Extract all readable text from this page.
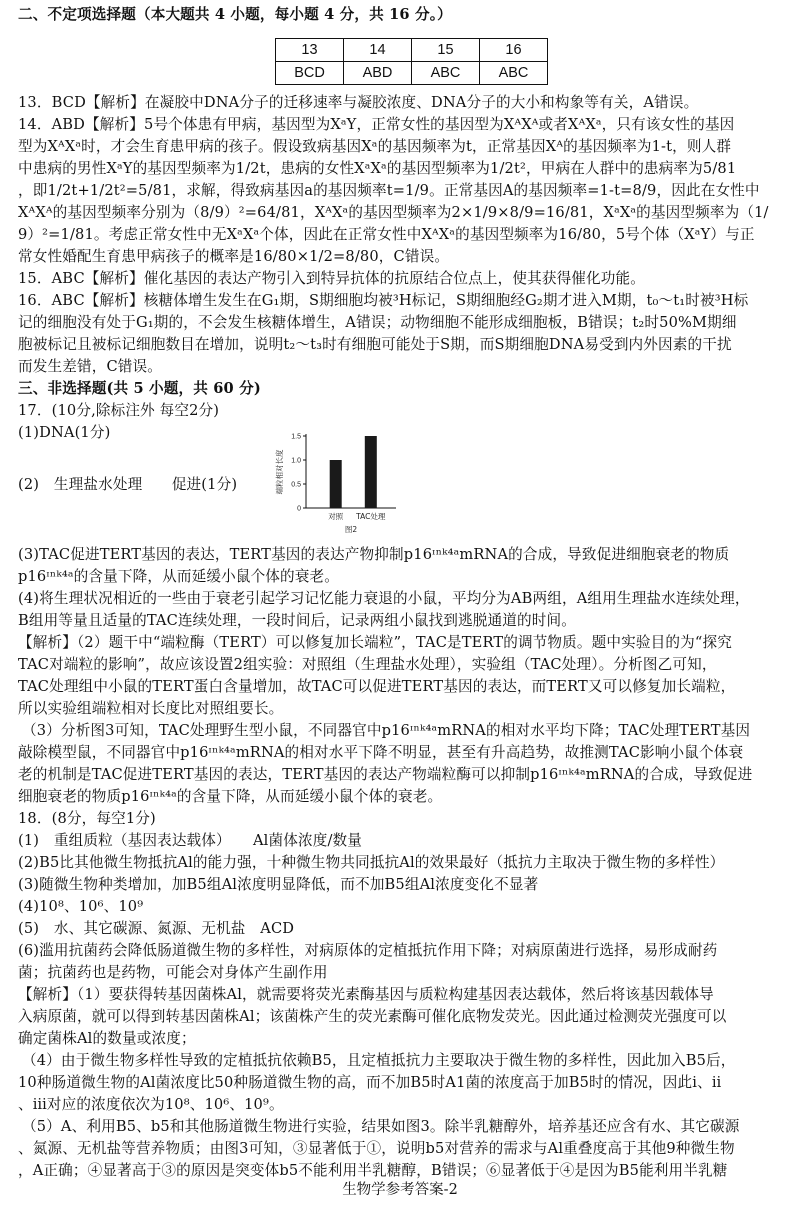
二、不定项选择题（本大题共 4 小题，每小题 4 分，共 16 分。）
13	14	15	16
BCD	ABD	ABC	ABC
13．BCD【解析】在凝胶中DNA分子的迁移速率与凝胶浓度、DNA分子的大小和构象等有关，A错误。
14．ABD【解析】5号个体患有甲病，基因型为XᵃY，正常女性的基因型为XᴬXᴬ或者XᴬXᵃ，只有该女性的基因
型为XᴬXᵃ时，才会生育患甲病的孩子。假设致病基因Xᵃ的基因频率为t，正常基因Xᴬ的基因频率为1-t，则人群
中患病的男性XᵃY的基因型频率为1/2t，患病的女性XᵃXᵃ的基因型频率为1/2t²，甲病在人群中的患病率为5/81
，即1/2t+1/2t²=5/81，求解，得致病基因a的基因频率t=1/9。正常基因A的基因频率=1-t=8/9，因此在女性中
XᴬXᴬ的基因型频率分别为（8/9）²=64/81，XᴬXᵃ的基因型频率为2×1/9×8/9=16/81，XᵃXᵃ的基因型频率为（1/
9）²=1/81。考虑正常女性中无XᵃXᵃ个体，因此在正常女性中XᴬXᵃ的基因型频率为16/80，5号个体（XᵃY）与正
常女性婚配生育患甲病孩子的概率是16/80×1/2=8/80，C错误。
15．ABC【解析】催化基因的表达产物引入到特异抗体的抗原结合位点上，使其获得催化功能。
16．ABC【解析】核糖体增生发生在G₁期，S期细胞均被³H标记，S期细胞经G₂期才进入M期，t₀～t₁时被³H标
记的细胞没有处于G₁期的，不会发生核糖体增生，A错误；动物细胞不能形成细胞板，B错误；t₂时50%M期细
胞被标记且被标记细胞数目在增加，说明t₂～t₃时有细胞可能处于S期，而S期细胞DNA易受到内外因素的干扰
而发生差错，C错误。
三、非选择题(共 5 小题，共 60 分)
17．(10分,除标注外 每空2分)
(1)DNA(1分)
(2)　生理盐水处理　　促进(1分)
0
0.5
1.0
1.5
对照 TAC处理
端粒相对长度
图2
(3)TAC促进TERT基因的表达，TERT基因的表达产物抑制p16ᶦⁿᵏ⁴ᵃmRNA的合成，导致促进细胞衰老的物质
p16ᶦⁿᵏ⁴ᵃ的含量下降，从而延缓小鼠个体的衰老。
(4)将生理状况相近的一些由于衰老引起学习记忆能力衰退的小鼠，平均分为AB两组，A组用生理盐水连续处理，
B组用等量且适量的TAC连续处理，一段时间后，记录两组小鼠找到逃脱通道的时间。
【解析】（2）题干中“端粒酶（TERT）可以修复加长端粒”，TAC是TERT的调节物质。题中实验目的为“探究
TAC对端粒的影响”，故应该设置2组实验：对照组（生理盐水处理），实验组（TAC处理）。分析图乙可知，
TAC处理组中小鼠的TERT蛋白含量增加，故TAC可以促进TERT基因的表达，而TERT又可以修复加长端粒，
所以实验组端粒相对长度比对照组要长。
（3）分析图3可知，TAC处理野生型小鼠，不同器官中p16ᶦⁿᵏ⁴ᵃmRNA的相对水平均下降；TAC处理TERT基因
敲除模型鼠，不同器官中p16ᶦⁿᵏ⁴ᵃmRNA的相对水平下降不明显，甚至有升高趋势，故推测TAC影响小鼠个体衰
老的机制是TAC促进TERT基因的表达，TERT基因的表达产物端粒酶可以抑制p16ᶦⁿᵏ⁴ᵃmRNA的合成，导致促进
细胞衰老的物质p16ᶦⁿᵏ⁴ᵃ的含量下降，从而延缓小鼠个体的衰老。
18．(8分，每空1分)
(1)　重组质粒（基因表达载体）　　Al菌体浓度/数量
(2)B5比其他微生物抵抗Al的能力强，十种微生物共同抵抗Al的效果最好（抵抗力主取决于微生物的多样性）
(3)随微生物种类增加，加B5组Al浓度明显降低，而不加B5组Al浓度变化不显著
(4)10⁸、10⁶、10⁹
(5)　水、其它碳源、氮源、无机盐　ACD
(6)滥用抗菌药会降低肠道微生物的多样性，对病原体的定植抵抗作用下降；对病原菌进行选择，易形成耐药
菌；抗菌药也是药物，可能会对身体产生副作用
【解析】（1）要获得转基因菌株Al，就需要将荧光素酶基因与质粒构建基因表达载体，然后将该基因载体导
入病原菌，就可以得到转基因菌株Al；该菌株产生的荧光素酶可催化底物发荧光。因此通过检测荧光强度可以
确定菌株Al的数量或浓度；
（4）由于微生物多样性导致的定植抵抗依赖B5，且定植抵抗力主要取决于微生物的多样性，因此加入B5后，
10种肠道微生物的Al菌浓度比50种肠道微生物的高，而不加B5时A1菌的浓度高于加B5时的情况，因此ⅰ、ⅱ
、ⅲ对应的浓度依次为10⁸、10⁶、10⁹。
（5）A、利用B5、b5和其他肠道微生物进行实验，结果如图3。除半乳糖醇外，培养基还应含有水、其它碳源
、氮源、无机盐等营养物质；由图3可知，③显著低于①，说明b5对营养的需求与Al重叠度高于其他9种微生物
，A正确；④显著高于③的原因是突变体b5不能利用半乳糖醇，B错误；⑥显著低于④是因为B5能利用半乳糖
生物学参考答案-2
